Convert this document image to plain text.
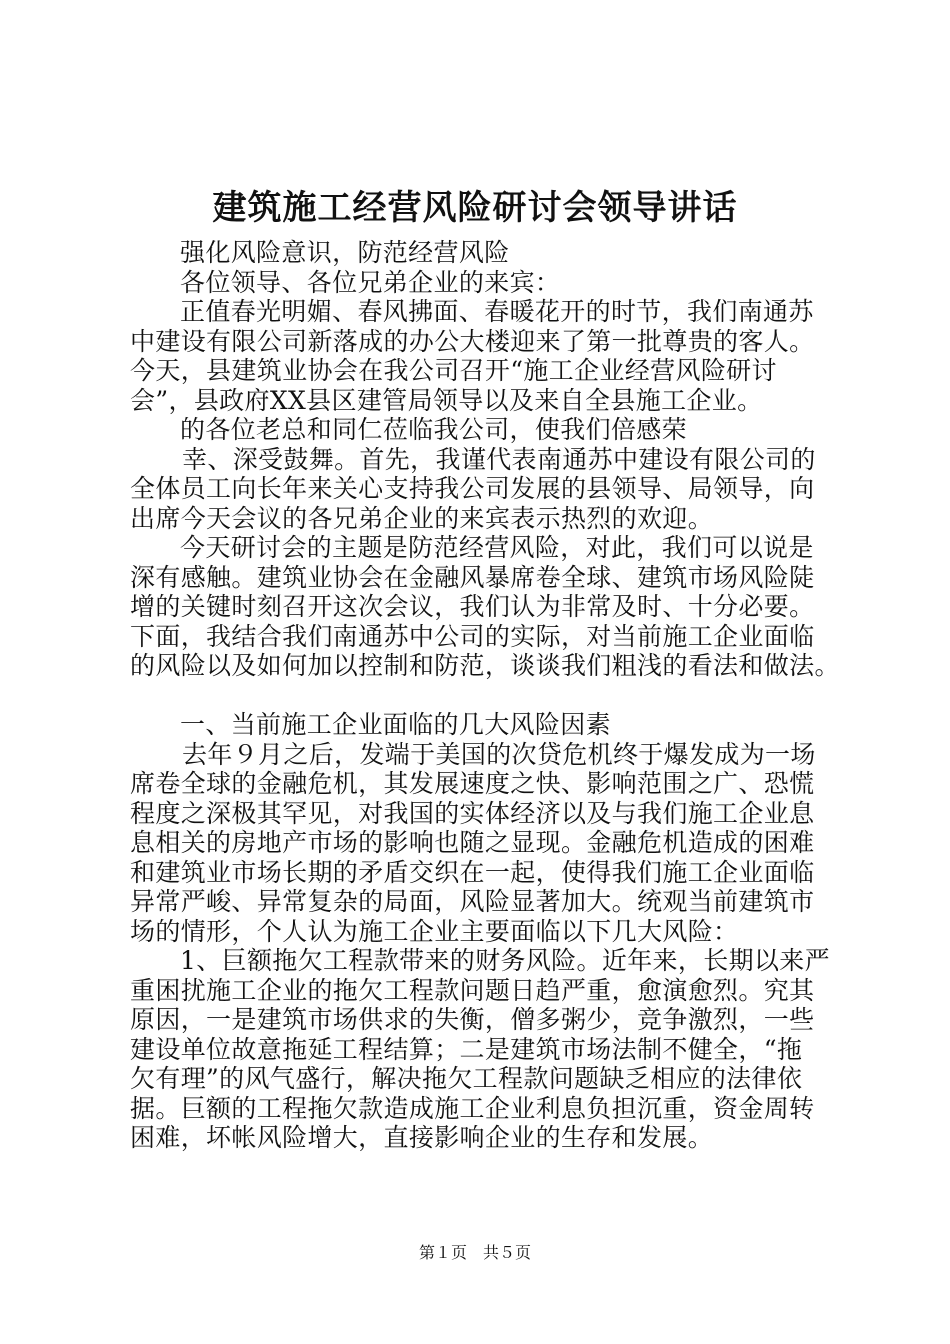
建筑施工经营风险研讨会领导讲话
强化风险意识，防范经营风险
各位领导、各位兄弟企业的来宾：
正值春光明媚、春风拂面、春暖花开的时节，我们南通苏
中建设有限公司新落成的办公大楼迎来了第一批尊贵的客人。
今天，县建筑业协会在我公司召开“施工企业经营风险研讨
会”，县政府XX县区建管局领导以及来自全县施工企业。
的各位老总和同仁莅临我公司，使我们倍感荣
幸、深受鼓舞。首先，我谨代表南通苏中建设有限公司的
全体员工向长年来关心支持我公司发展的县领导、局领导，向
出席今天会议的各兄弟企业的来宾表示热烈的欢迎。
今天研讨会的主题是防范经营风险，对此，我们可以说是
深有感触。建筑业协会在金融风暴席卷全球、建筑市场风险陡
增的关键时刻召开这次会议，我们认为非常及时、十分必要。
下面，我结合我们南通苏中公司的实际，对当前施工企业面临
的风险以及如何加以控制和防范，谈谈我们粗浅的看法和做法。
一、当前施工企业面临的几大风险因素
去年９月之后，发端于美国的次贷危机终于爆发成为一场
席卷全球的金融危机，其发展速度之快、影响范围之广、恐慌
程度之深极其罕见，对我国的实体经济以及与我们施工企业息
息相关的房地产市场的影响也随之显现。金融危机造成的困难
和建筑业市场长期的矛盾交织在一起，使得我们施工企业面临
异常严峻、异常复杂的局面，风险显著加大。统观当前建筑市
场的情形，个人认为施工企业主要面临以下几大风险：
1、巨额拖欠工程款带来的财务风险。近年来，长期以来严
重困扰施工企业的拖欠工程款问题日趋严重，愈演愈烈。究其
原因，一是建筑市场供求的失衡，僧多粥少，竞争激烈，一些
建设单位故意拖延工程结算；二是建筑市场法制不健全，“拖
欠有理”的风气盛行，解决拖欠工程款问题缺乏相应的法律依
据。巨额的工程拖欠款造成施工企业利息负担沉重，资金周转
困难，坏帐风险增大，直接影响企业的生存和发展。
第１页　共５页
